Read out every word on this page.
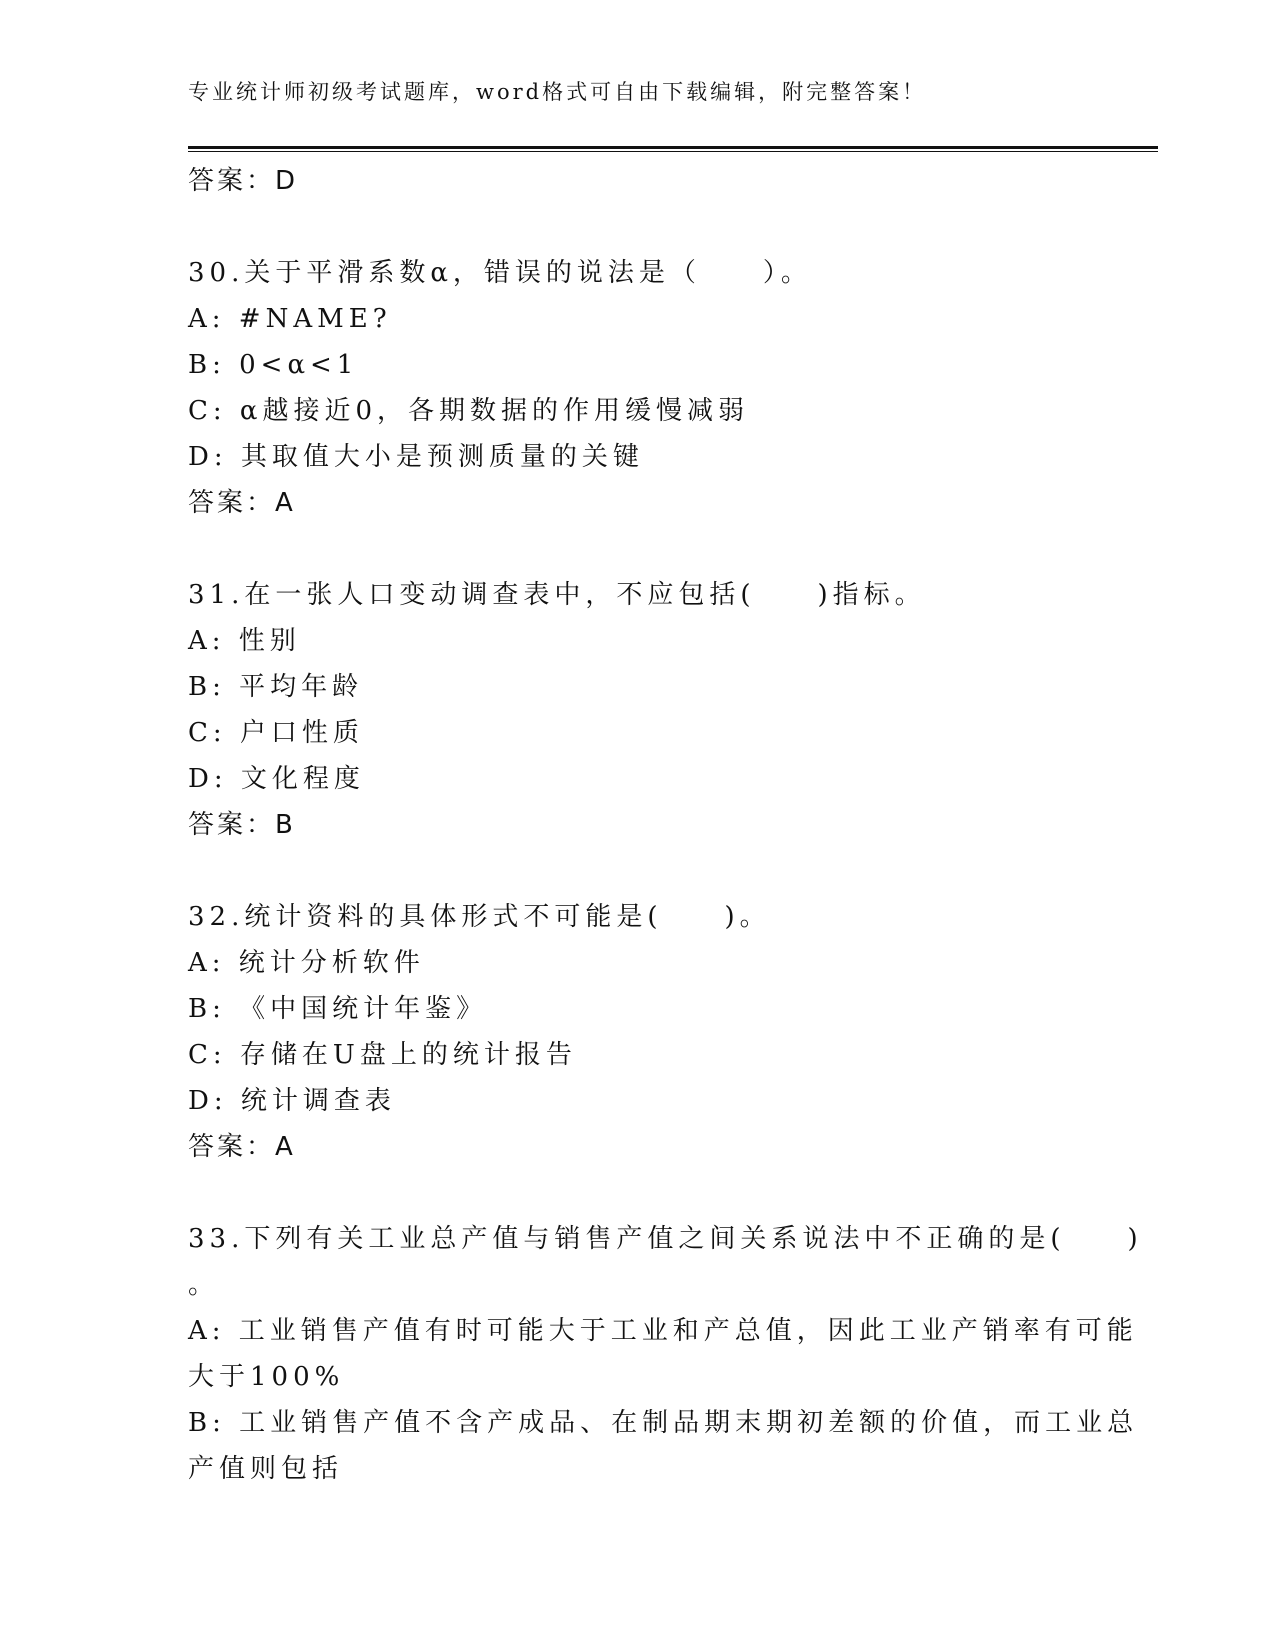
专业统计师初级考试题库，word格式可自由下载编辑，附完整答案！
答案：D
30.关于平滑系数α，错误的说法是（　　）。
A: #NAME?
B: 0<α<1
C: α越接近0，各期数据的作用缓慢减弱
D: 其取值大小是预测质量的关键
答案：A
31.在一张人口变动调查表中，不应包括(　　)指标。
A: 性别
B: 平均年龄
C: 户口性质
D: 文化程度
答案：B
32.统计资料的具体形式不可能是(　　)。
A: 统计分析软件
B: 《中国统计年鉴》
C: 存储在U盘上的统计报告
D: 统计调查表
答案：A
33.下列有关工业总产值与销售产值之间关系说法中不正确的是(　　)
。
A: 工业销售产值有时可能大于工业和产总值，因此工业产销率有可能
大于100%
B: 工业销售产值不含产成品、在制品期末期初差额的价值，而工业总
产值则包括
